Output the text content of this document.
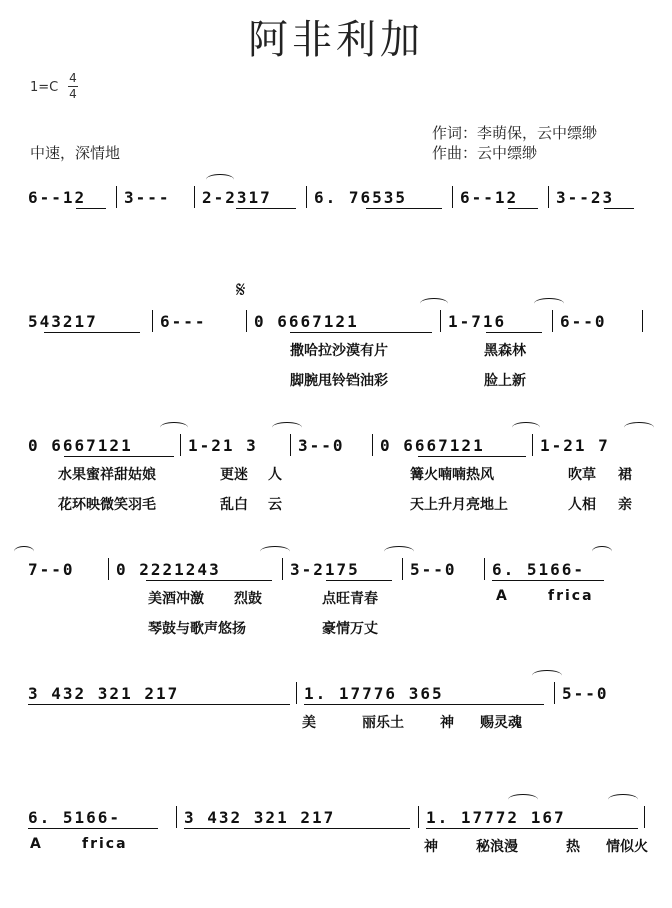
阿非利加
1=C
4
4
作词：李萌保，云中缥缈
作曲：云中缥缈
中速，深情地
6‐‐12 3‐‐‐ 2‐2317	6. 76535	6‐‐12 3‐‐23
𝄋
543217	6‐‐‐	0 6667121	1‐716	6‐‐0
撒哈拉沙漠有片	黑森林
脚腕甩铃铛油彩	脸上新
0 6667121	1‐21 3	3‐‐0 0 6667121	1‐21 7
水果蜜祥甜姑娘	更迷 人	篝火喃喃热风	吹草 裙
花环映微笑羽毛	乱白 云	天上升月亮地上	人相 亲
7‐‐0	0 2221243	3‐2175	5‐‐0 6. 5166‐
美酒冲激 烈鼓	点旺青春	A	frica
琴鼓与歌声悠扬	豪情万丈
3 432 321 217	1. 17776 365	5‐‐0
美	丽乐土	神 赐灵魂
6. 5166‐	3 432 321 217	1. 17772 167
A	frica	神	秘浪漫	热 情似火
